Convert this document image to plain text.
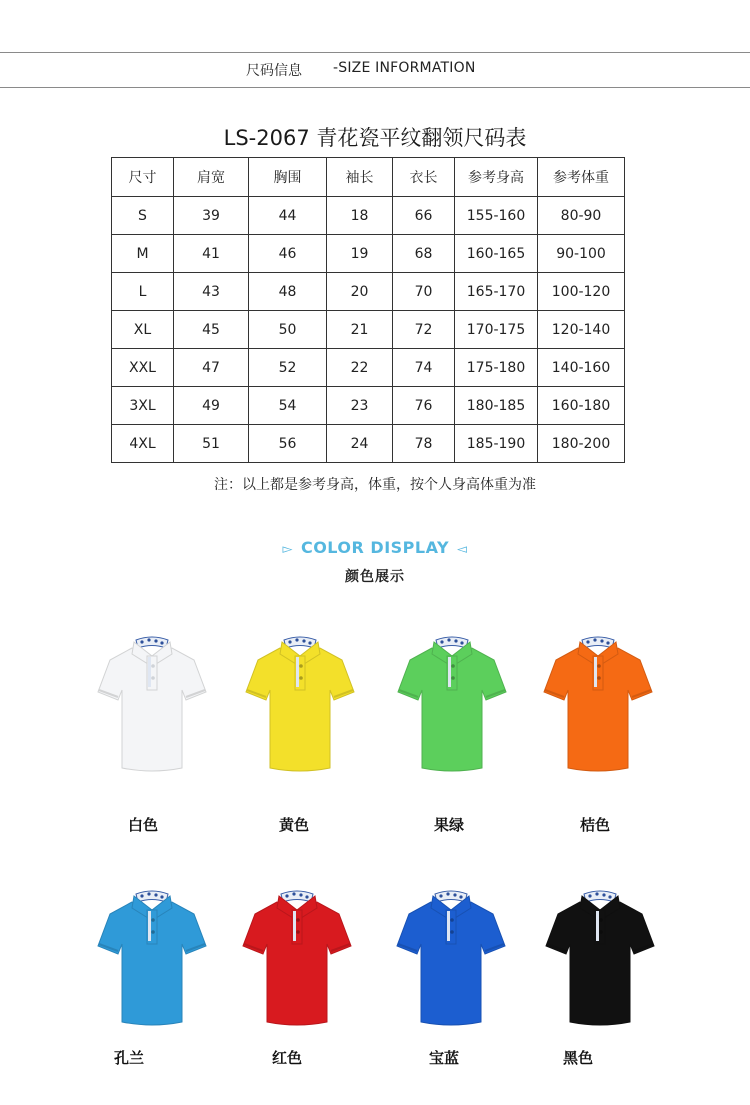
尺码信息 -SIZE INFORMATION
LS-2067 青花瓷平纹翻领尺码表
尺寸	肩宽	胸围	袖长	衣长	参考身高	参考体重
S	39	44	18	66	155-160	80-90
M	41	46	19	68	160-165	90-100
L	43	48	20	70	165-170	100-120
XL	45	50	21	72	170-175	120-140
XXL	47	52	22	74	175-180	140-160
3XL	49	54	23	76	180-185	160-180
4XL	51	56	24	78	185-190	180-200
注：以上都是参考身高，体重，按个人身高体重为准
▻ COLOR DISPLAY ◅
颜色展示
白色	黄色	果绿	桔色
孔兰	红色	宝蓝	黑色
